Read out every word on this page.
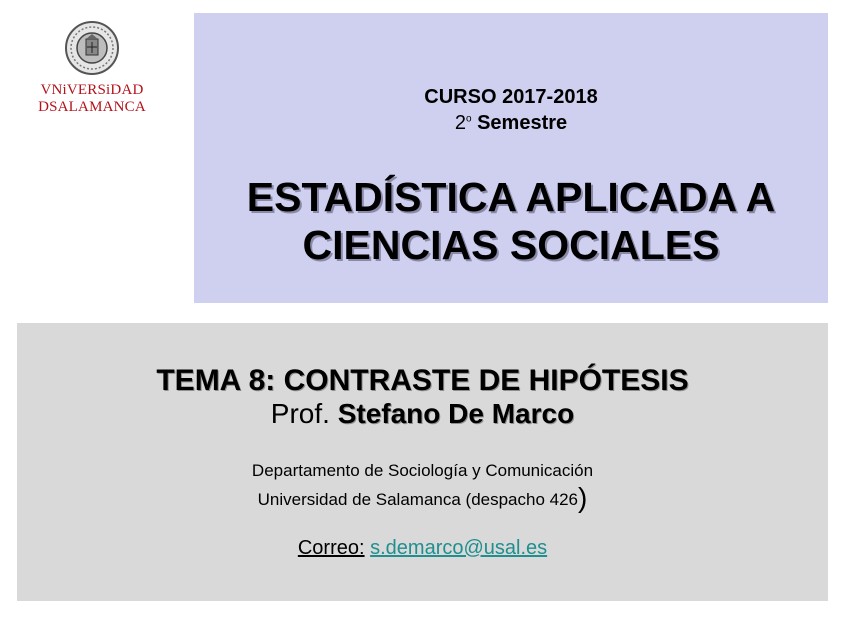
VNiVERSiDAD
DSALAMANCA	CURSO 2017-2018
2$^o$ Semestre
ESTADÍSTICA APLICADA A
CIENCIAS SOCIALES
TEMA 8: CONTRASTE DE HIPÓTESIS
Prof. Stefano De Marco
Departamento de Sociología y Comunicación
Universidad de Salamanca (despacho 426)
Correo: s.demarco@usal.es
